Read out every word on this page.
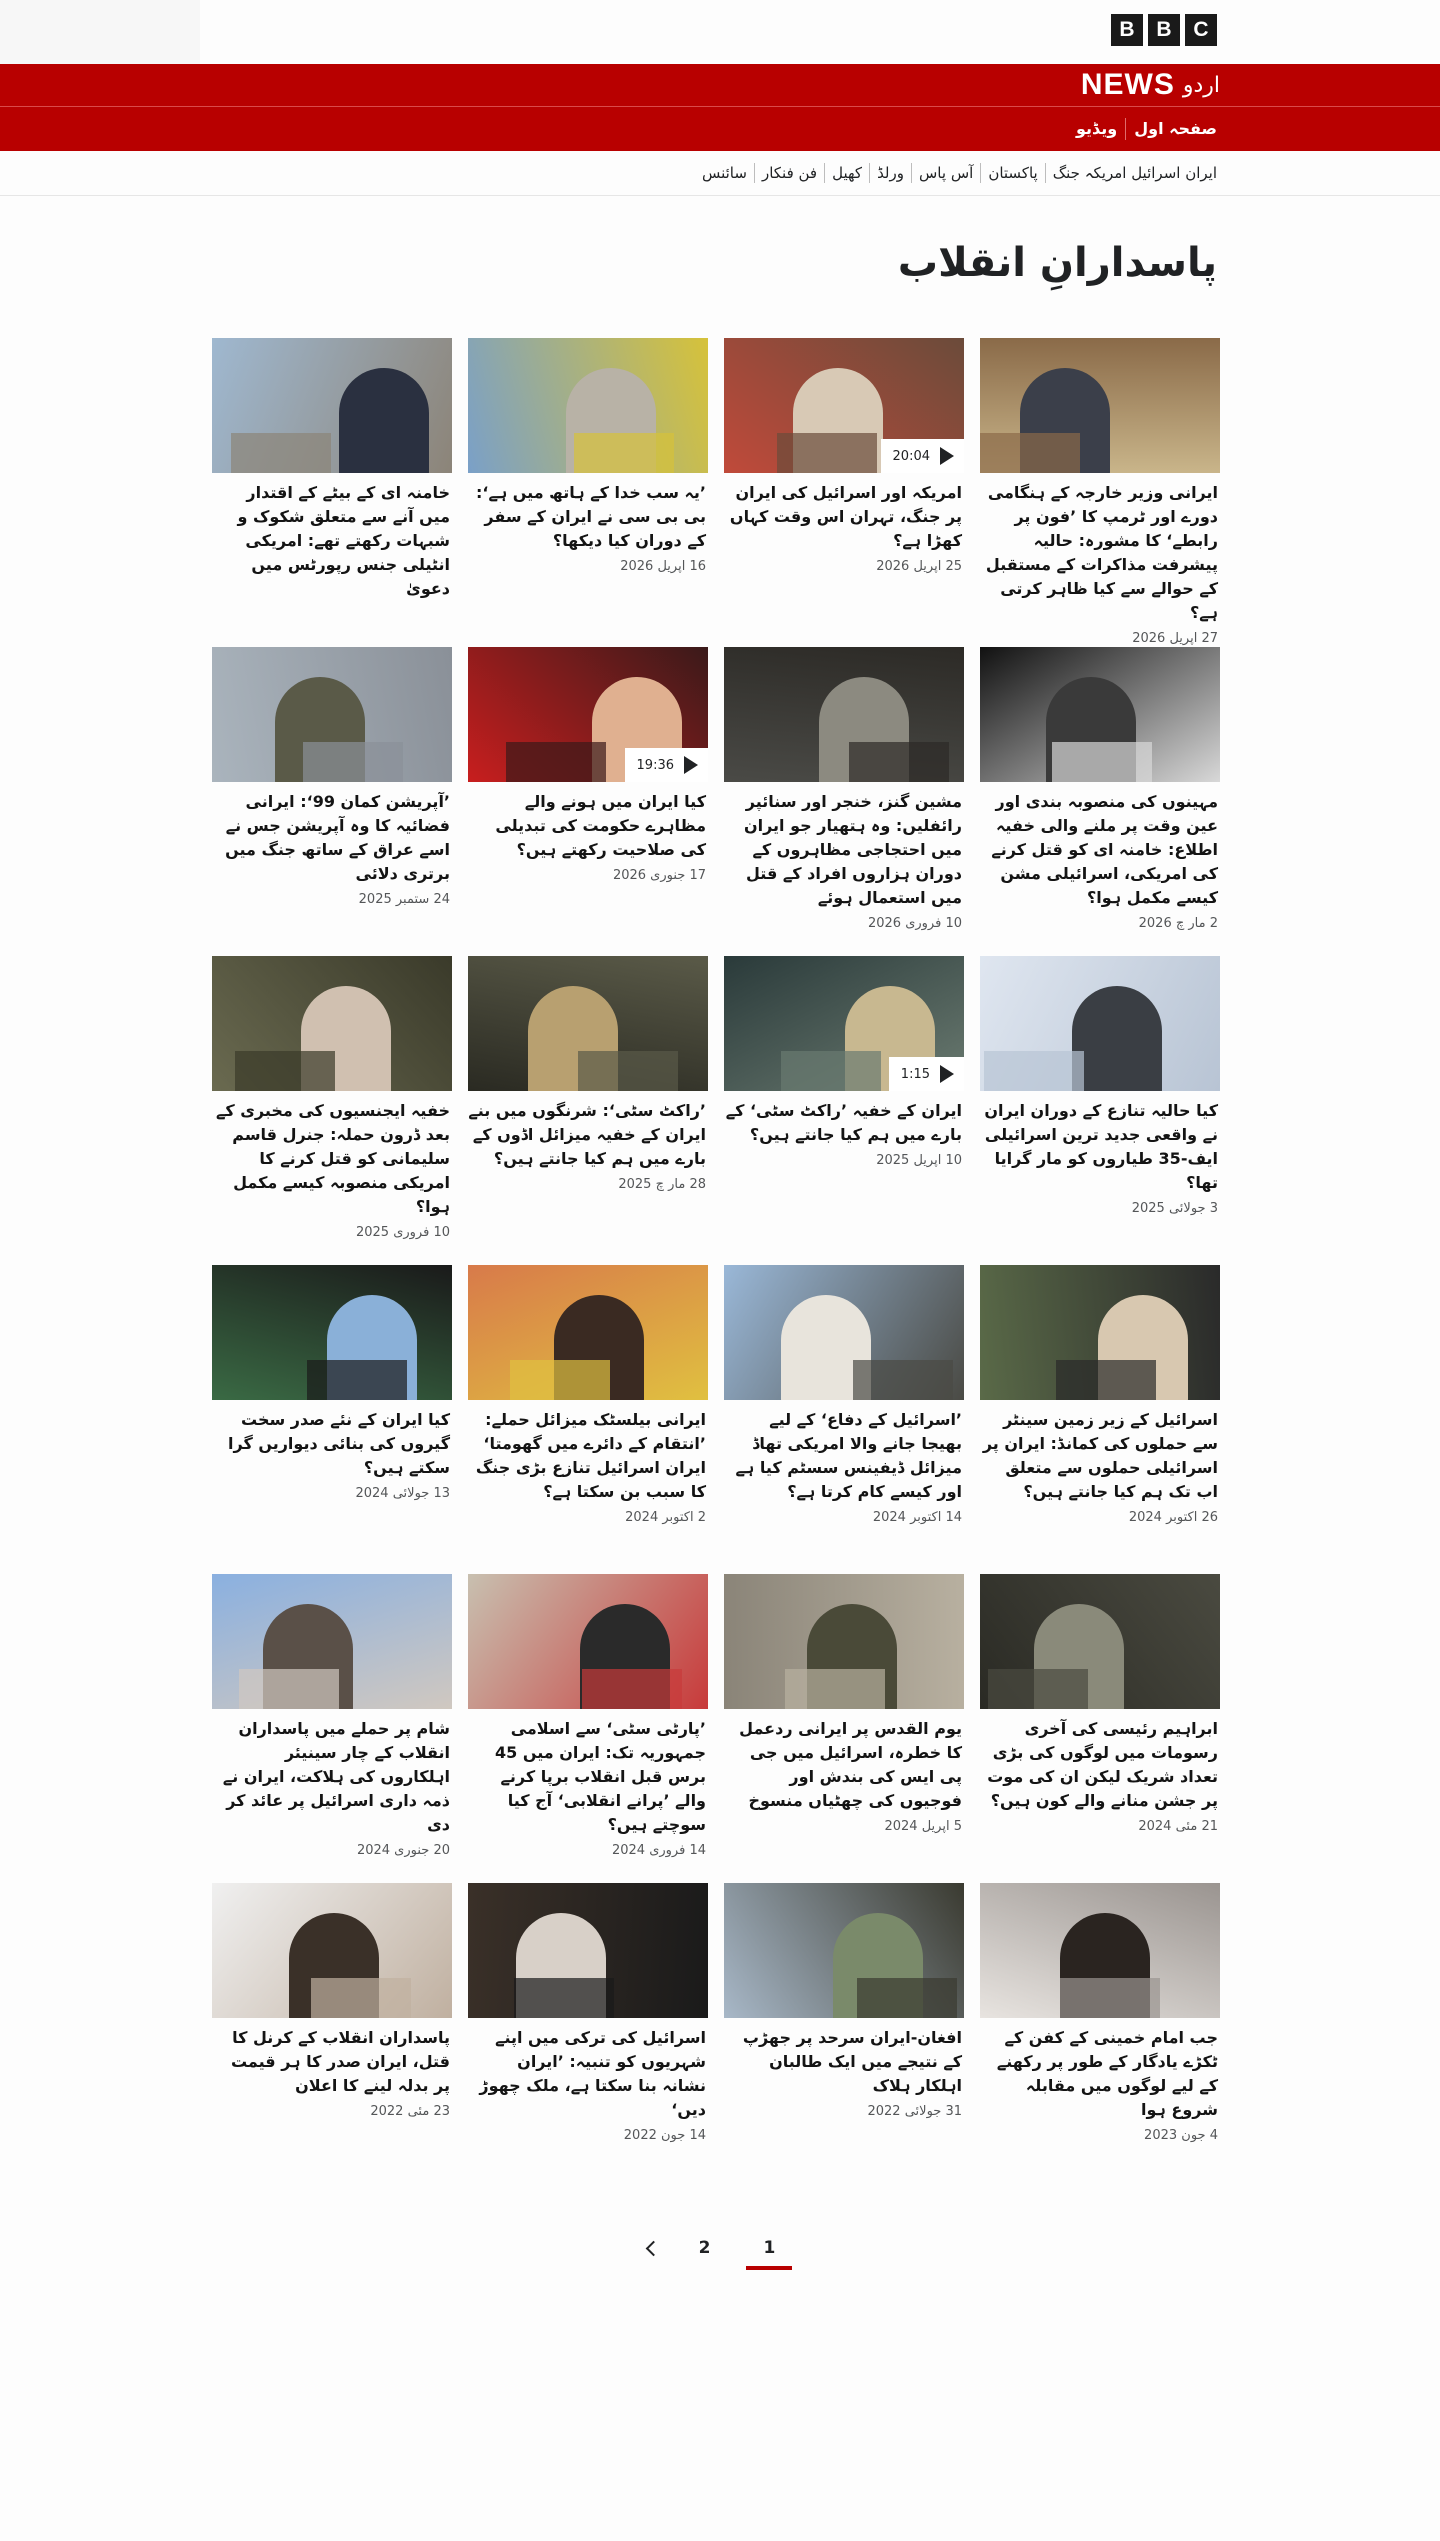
B	B	C
NEWS اردو
صفحہ اول
ویڈیو
ایران اسرائیل امریکہ جنگ
پاکستان
آس پاس
ورلڈ
کھیل
فن فنکار
سائنس
پاسدارانِ انقلاب
ایرانی وزیر خارجہ کے ہنگامی دورے اور ٹرمپ کا ’فون پر رابطے‘ کا مشورہ: حالیہ پیشرفت مذاکرات کے مستقبل کے حوالے سے کیا ظاہر کرتی ہے؟
27 اپریل 2026
20:04
امریکہ اور اسرائیل کی ایران پر جنگ، تہران اس وقت کہاں کھڑا ہے؟
25 اپریل 2026
’یہ سب خدا کے ہاتھ میں ہے‘: بی بی سی نے ایران کے سفر کے دوران کیا دیکھا؟
16 اپریل 2026
خامنہ ای کے بیٹے کے اقتدار میں آنے سے متعلق شکوک و شبہات رکھتے تھے: امریکی انٹیلی جنس رپورٹس میں دعویٰ
مہینوں کی منصوبہ بندی اور عین وقت پر ملنے والی خفیہ اطلاع: خامنہ ای کو قتل کرنے کی امریکی، اسرائیلی مشن کیسے مکمل ہوا؟
2 مار چ 2026
مشین گنز، خنجر اور سنائپر رائفلیں: وہ ہتھیار جو ایران میں احتجاجی مظاہروں کے دوران ہزاروں افراد کے قتل میں استعمال ہوئے
10 فروری 2026
19:36
کیا ایران میں ہونے والے مظاہرے حکومت کی تبدیلی کی صلاحیت رکھتے ہیں؟
17 جنوری 2026
’آپریشن کمان 99‘: ایرانی فضائیہ کا وہ آپریشن جس نے اسے عراق کے ساتھ جنگ میں برتری دلائی
24 ستمبر 2025
کیا حالیہ تنازع کے دوران ایران نے واقعی جدید ترین اسرائیلی ایف-35 طیاروں کو مار گرایا تھا؟
3 جولائی 2025
1:15
ایران کے خفیہ ’راکٹ سٹی‘ کے بارے میں ہم کیا جانتے ہیں؟
10 اپریل 2025
’راکٹ سٹی‘: شرنگوں میں بنے ایران کے خفیہ میزائل اڈوں کے بارے میں ہم کیا جانتے ہیں؟
28 مار چ 2025
خفیہ ایجنسیوں کی مخبری کے بعد ڈرون حملہ: جنرل قاسم سلیمانی کو قتل کرنے کا امریکی منصوبہ کیسے مکمل ہوا؟
10 فروری 2025
اسرائیل کے زیر زمین سینٹر سے حملوں کی کمانڈ: ایران پر اسرائیلی حملوں سے متعلق اب تک ہم کیا جانتے ہیں؟
26 اکتوبر 2024
’اسرائیل کے دفاع‘ کے لیے بھیجا جانے والا امریکی تھاڈ میزائل ڈیفینس سسٹم کیا ہے اور کیسے کام کرتا ہے؟
14 اکتوبر 2024
ایرانی بیلسٹک میزائل حملے: ’انتقام کے دائرے میں گھومتا‘ ایران اسرائیل تنازع بڑی جنگ کا سبب بن سکتا ہے؟
2 اکتوبر 2024
کیا ایران کے نئے صدر سخت گیروں کی بنائی دیواریں گرا سکتے ہیں؟
13 جولائی 2024
ابراہیم رئیسی کی آخری رسومات میں لوگوں کی بڑی تعداد شریک لیکن ان کی موت پر جشن منانے والے کون ہیں؟
21 مئی 2024
یوم القدس پر ایرانی ردعمل کا خطرہ، اسرائیل میں جی پی ایس کی بندش اور فوجیوں کی چھٹیاں منسوخ
5 اپریل 2024
’پارٹی سٹی‘ سے اسلامی جمہوریہ تک: ایران میں 45 برس قبل انقلاب برپا کرنے والے ’پرانے انقلابی‘ آج کیا سوچتے ہیں؟
14 فروری 2024
شام پر حملے میں پاسداران انقلاب کے چار سینیئر اہلکاروں کی ہلاکت، ایران نے ذمہ داری اسرائیل پر عائد کر دی
20 جنوری 2024
جب امام خمینی کے کفن کے ٹکڑے یادگار کے طور پر رکھنے کے لیے لوگوں میں مقابلہ شروع ہوا
4 جون 2023
افغان-ایران سرحد پر جھڑپ کے نتیجے میں ایک طالبان اہلکار ہلاک
31 جولائی 2022
اسرائیل کی ترکی میں اپنے شہریوں کو تنبیہ: ’ایران نشانہ بنا سکتا ہے، ملک چھوڑ دیں‘
14 جون 2022
پاسداران انقلاب کے کرنل کا قتل، ایران صدر کا ہر قیمت پر بدلہ لینے کا اعلان
23 مئی 2022
2	1
